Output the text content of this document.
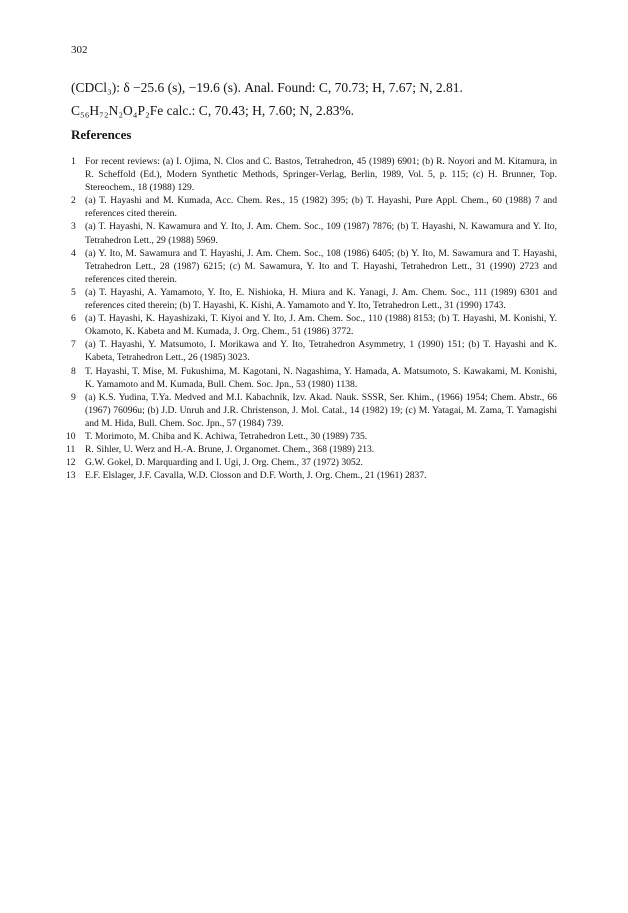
302
(CDCl₃): δ −25.6 (s), −19.6 (s). Anal. Found: C, 70.73; H, 7.67; N, 2.81.
C₅₆H₇₂N₂O₄P₂Fe calc.: C, 70.43; H, 7.60; N, 2.83%.
References
1 For recent reviews: (a) I. Ojima, N. Clos and C. Bastos, Tetrahedron, 45 (1989) 6901; (b) R. Noyori and M. Kitamura, in R. Scheffold (Ed.), Modern Synthetic Methods, Springer-Verlag, Berlin, 1989, Vol. 5, p. 115; (c) H. Brunner, Top. Stereochem., 18 (1988) 129.
2 (a) T. Hayashi and M. Kumada, Acc. Chem. Res., 15 (1982) 395; (b) T. Hayashi, Pure Appl. Chem., 60 (1988) 7 and references cited therein.
3 (a) T. Hayashi, N. Kawamura and Y. Ito, J. Am. Chem. Soc., 109 (1987) 7876; (b) T. Hayashi, N. Kawamura and Y. Ito, Tetrahedron Lett., 29 (1988) 5969.
4 (a) Y. Ito, M. Sawamura and T. Hayashi, J. Am. Chem. Soc., 108 (1986) 6405; (b) Y. Ito, M. Sawamura and T. Hayashi, Tetrahedron Lett., 28 (1987) 6215; (c) M. Sawamura, Y. Ito and T. Hayashi, Tetrahedron Lett., 31 (1990) 2723 and references cited therein.
5 (a) T. Hayashi, A. Yamamoto, Y. Ito, E. Nishioka, H. Miura and K. Yanagi, J. Am. Chem. Soc., 111 (1989) 6301 and references cited therein; (b) T. Hayashi, K. Kishi, A. Yamamoto and Y. Ito, Tetrahedron Lett., 31 (1990) 1743.
6 (a) T. Hayashi, K. Hayashizaki, T. Kiyoi and Y. Ito, J. Am. Chem. Soc., 110 (1988) 8153; (b) T. Hayashi, M. Konishi, Y. Okamoto, K. Kabeta and M. Kumada, J. Org. Chem., 51 (1986) 3772.
7 (a) T. Hayashi, Y. Matsumoto, I. Morikawa and Y. Ito, Tetrahedron Asymmetry, 1 (1990) 151; (b) T. Hayashi and K. Kabeta, Tetrahedron Lett., 26 (1985) 3023.
8 T. Hayashi, T. Mise, M. Fukushima, M. Kagotani, N. Nagashima, Y. Hamada, A. Matsumoto, S. Kawakami, M. Konishi, K. Yamamoto and M. Kumada, Bull. Chem. Soc. Jpn., 53 (1980) 1138.
9 (a) K.S. Yudina, T.Ya. Medved and M.I. Kabachnik, Izv. Akad. Nauk. SSSR, Ser. Khim., (1966) 1954; Chem. Abstr., 66 (1967) 76096u; (b) J.D. Unruh and J.R. Christenson, J. Mol. Catal., 14 (1982) 19; (c) M. Yatagai, M. Zama, T. Yamagishi and M. Hida, Bull. Chem. Soc. Jpn., 57 (1984) 739.
10 T. Morimoto, M. Chiba and K. Achiwa, Tetrahedron Lett., 30 (1989) 735.
11 R. Sihler, U. Werz and H.-A. Brune, J. Organomet. Chem., 368 (1989) 213.
12 G.W. Gokel, D. Marquarding and I. Ugi, J. Org. Chem., 37 (1972) 3052.
13 E.F. Elslager, J.F. Cavalla, W.D. Closson and D.F. Worth, J. Org. Chem., 21 (1961) 2837.
